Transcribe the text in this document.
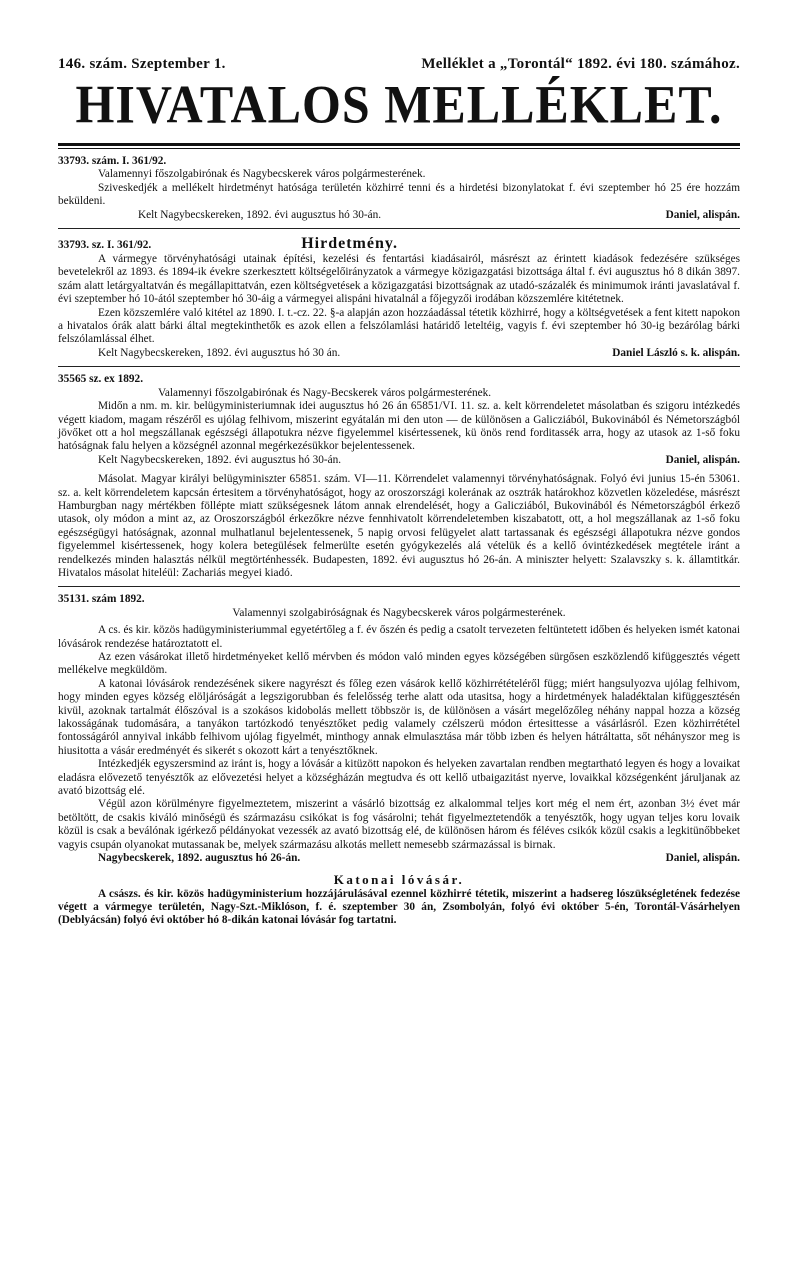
146. szám. Szeptember 1.	Melléklet a „Torontál“ 1892. évi 180. számához.
HIVATALOS MELLÉKLET.

33793. szám. I. 361/92.

Valamennyi főszolgabirónak és Nagybecskerek város polgármesterének.

Sziveskedjék a mellékelt hirdetményt hatósága területén közhirré tenni és a hirdetési bizonylatokat f. évi szeptember hó 25 ére hozzám beküldeni.

Kelt Nagybecskereken, 1892. évi augusztus hó 30-án.	Daniel, alispán.
33793. sz. I. 361/92.	Hirdetmény.

A vármegye törvényhatósági utainak építési, kezelési és fentartási kiadásairól, másrészt az érintett kiadások fedezésére szükséges bevetelekről az 1893. és 1894-ik évekre szerkesztett költségelőirányzatok a vármegye közigazgatási bizottsága által f. évi augusztus hó 8 dikán 3897. szám alatt letárgyaltatván és megállapittatván, ezen költségvetések a közigazgatási bizottságnak az utadó-százalék és minimumok iránti javaslatával f. évi szeptember hó 10-ától szeptember hó 30-áig a vármegyei alispáni hivatalnál a főjegyzői irodában közszemlére kitétetnek.

Ezen közszemlére való kitétel az 1890. I. t.-cz. 22. §-a alapján azon hozzáadással tétetik közhirré, hogy a költségvetések a fent kitett napokon a hivatalos órák alatt bárki által megtekinthetők es azok ellen a felszólamlási határidő leteltéig, vagyis f. évi szeptember hó 30-ig bezárólag bárki felszólamlással élhet.

Kelt Nagybecskereken, 1892. évi augusztus hó 30 án.	Daniel László s. k. alispán.

35565 sz. ex 1892.

Valamennyi főszolgabirónak és Nagy-Becskerek város polgármesterének.

Midőn a nm. m. kir. belügyministeriumnak idei augusztus hó 26 án 65851/VI. 11. sz. a. kelt körrendeletet másolatban és szigoru intézkedés végett kiadom, magam részéről es ujólag felhivom, miszerint egyátalán mi den uton — de különösen a Galicziából, Bukovinából és Németországból jövőket ott a hol megszállanak egészségi állapotukra nézve figyelemmel kisértessenek, kü önös rend forditassék arra, hogy az utasok az 1-ső foku hatóságnak falu helyen a községnél azonnal megérkezésükkor bejelentessenek.

Kelt Nagybecskereken, 1892. évi augusztus hó 30-án.	Daniel, alispán.

Másolat. Magyar királyi belügyminiszter 65851. szám. VI—11. Körrendelet valamennyi törvényhatóságnak. Folyó évi junius 15-én 53061. sz. a. kelt körrendeletem kapcsán értesitem a törvényhatóságot, hogy az oroszországi kolerának az osztrák határokhoz közvetlen közeledése, másrészt Hamburgban nagy mértékben föllépte miatt szükségesnek látom annak elrendelését, hogy a Galicziából, Bukovinából és Németországból érkező utasok, oly módon a mint az, az Oroszországból érkezőkre nézve fennhivatolt körrendeletemben kiszabatott, ott, a hol megszállanak az 1-ső foku egészségügyi hatóságnak, azonnal mulhatlanul bejelentessenek, 5 napig orvosi felügyelet alatt tartassanak és egészségi állapotukra nézve gondos figyelemmel kisértessenek, hogy kolera betegülések felmerülte esetén gyógykezelés alá vételük és a kellő óvintézkedések megtétele iránt a rendelkezés minden halasztás nélkül megtörténhessék. Budapesten, 1892. évi augusztus hó 26-án. A miniszter helyett: Szalavszky s. k. államtitkár. Hivatalos másolat hiteléül: Zachariás megyei kiadó.

35131. szám 1892.

Valamennyi szolgabiróságnak és Nagybecskerek város polgármesterének.

A cs. és kir. közös hadügyministeriummal egyetértőleg a f. év őszén és pedig a csatolt tervezeten feltüntetett időben és helyeken ismét katonai lóvásárok rendezése határoztatott el.

Az ezen vásárokat illető hirdetményeket kellő mérvben és módon való minden egyes községében sürgősen eszközlendő kifüggesztés végett mellékelve megküldöm.

A katonai lóvásárok rendezésének sikere nagyrészt és főleg ezen vásárok kellő közhirrétételéről függ; miért hangsulyozva ujólag felhivom, hogy minden egyes község elöljáróságát a legszigorubban és felelősség terhe alatt oda utasitsa, hogy a hirdetmények haladéktalan kifüggesztésén kivül, azoknak tartalmát élőszóval is a szokásos kidobolás mellett többször is, de különösen a vásárt megelőzőleg néhány nappal hozza a község lakosságának tudomására, a tanyákon tartózkodó tenyésztőket pedig valamely czélszerü módon értesittesse a vásárlásról. Ezen közhirrététel fontosságáról annyival inkább felhivom ujólag figyelmét, minthogy annak elmulasztása már több izben és helyen hátráltatta, sőt néhányszor meg is hiusitotta a vásár eredményét és sikerét s okozott kárt a tenyésztőknek.

Intézkedjék egyszersmind az iránt is, hogy a lóvásár a kitüzött napokon és helyeken zavartalan rendben megtartható legyen és hogy a lovaikat eladásra elővezető tenyésztők az elővezetési helyet a községházán megtudva és ott kellő utbaigazitást nyerve, lovaikkal községenként járuljanak az avató bizottság elé.

Végül azon körülményre figyelmeztetem, miszerint a vásárló bizottság ez alkalommal teljes kort még el nem ért, azonban 3½ évet már betöltött, de csakis kiváló minőségü és származásu csikókat is fog vásárolni; tehát figyelmeztetendők a tenyésztők, hogy ugyan teljes koru lovaik közül is csak a beválónak igérkező példányokat vezessék az avató bizottság elé, de különösen három és féléves csikók közül csakis a legkitünőbbeket vagyis csupán olyanokat mutassanak be, melyek származásu alkotás mellett nemesebb származással is birnak.

Nagybecskerek, 1892. augusztus hó 26-án.	Daniel, alispán.
Katonai lóvásár.

A császs. és kir. közös hadügyministerium hozzájárulásával ezennel közhirré tétetik, miszerint a hadsereg lószükségletének fedezése végett a vármegye területén, Nagy-Szt.-Miklóson, f. é. szeptember 30 án, Zsombolyán, folyó évi október 5-én, Torontál-Vásárhelyen (Deblyácsán) folyó évi október hó 8-dikán katonai lóvásár fog tartatni.
